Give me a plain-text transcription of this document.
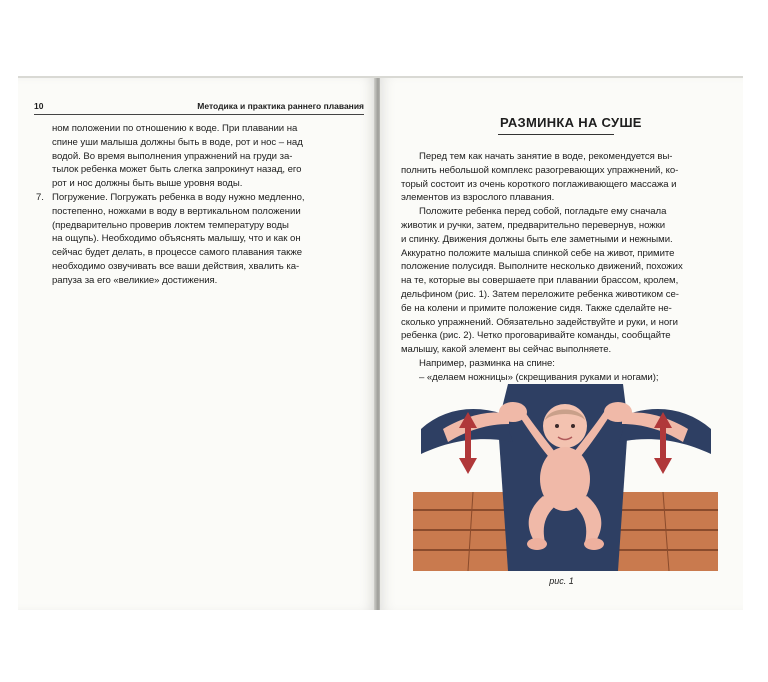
10	Методика и практика раннего плавания
ном положении по отношению к воде. При плавании на
спине уши малыша должны быть в воде, рот и нос – над
водой. Во время выполнения упражнений на груди за-
тылок ребенка может быть слегка запрокинут назад, его
рот и нос должны быть выше уровня воды.
7. Погружение. Погружать ребенка в воду нужно медленно,
постепенно, ножками в воду в вертикальном положении
(предварительно проверив локтем температуру воды
на ощупь). Необходимо объяснять малышу, что и как он
сейчас будет делать, в процессе самого плавания также
необходимо озвучивать все ваши действия, хвалить ка-
рапуза за его «великие» достижения.
РАЗМИНКА НА СУШЕ
Перед тем как начать занятие в воде, рекомендуется вы-
полнить небольшой комплекс разогревающих упражнений, ко-
торый состоит из очень короткого поглаживающего массажа и
элементов из взрослого плавания.
Положите ребенка перед собой, погладьте ему сначала
животик и ручки, затем, предварительно перевернув, ножки
и спинку. Движения должны быть еле заметными и нежными.
Аккуратно положите малыша спинкой себе на живот, примите
положение полусидя. Выполните несколько движений, похожих
на те, которые вы совершаете при плавании брассом, кролем,
дельфином (рис. 1). Затем переложите ребенка животиком се-
бе на колени и примите положение сидя. Также сделайте не-
сколько упражнений. Обязательно задействуйте и руки, и ноги
ребенка (рис. 2). Четко проговаривайте команды, сообщайте
малышу, какой элемент вы сейчас выполняете.
Например, разминка на спине:
– «делаем ножницы» (скрещивания руками и ногами);
рис. 1
